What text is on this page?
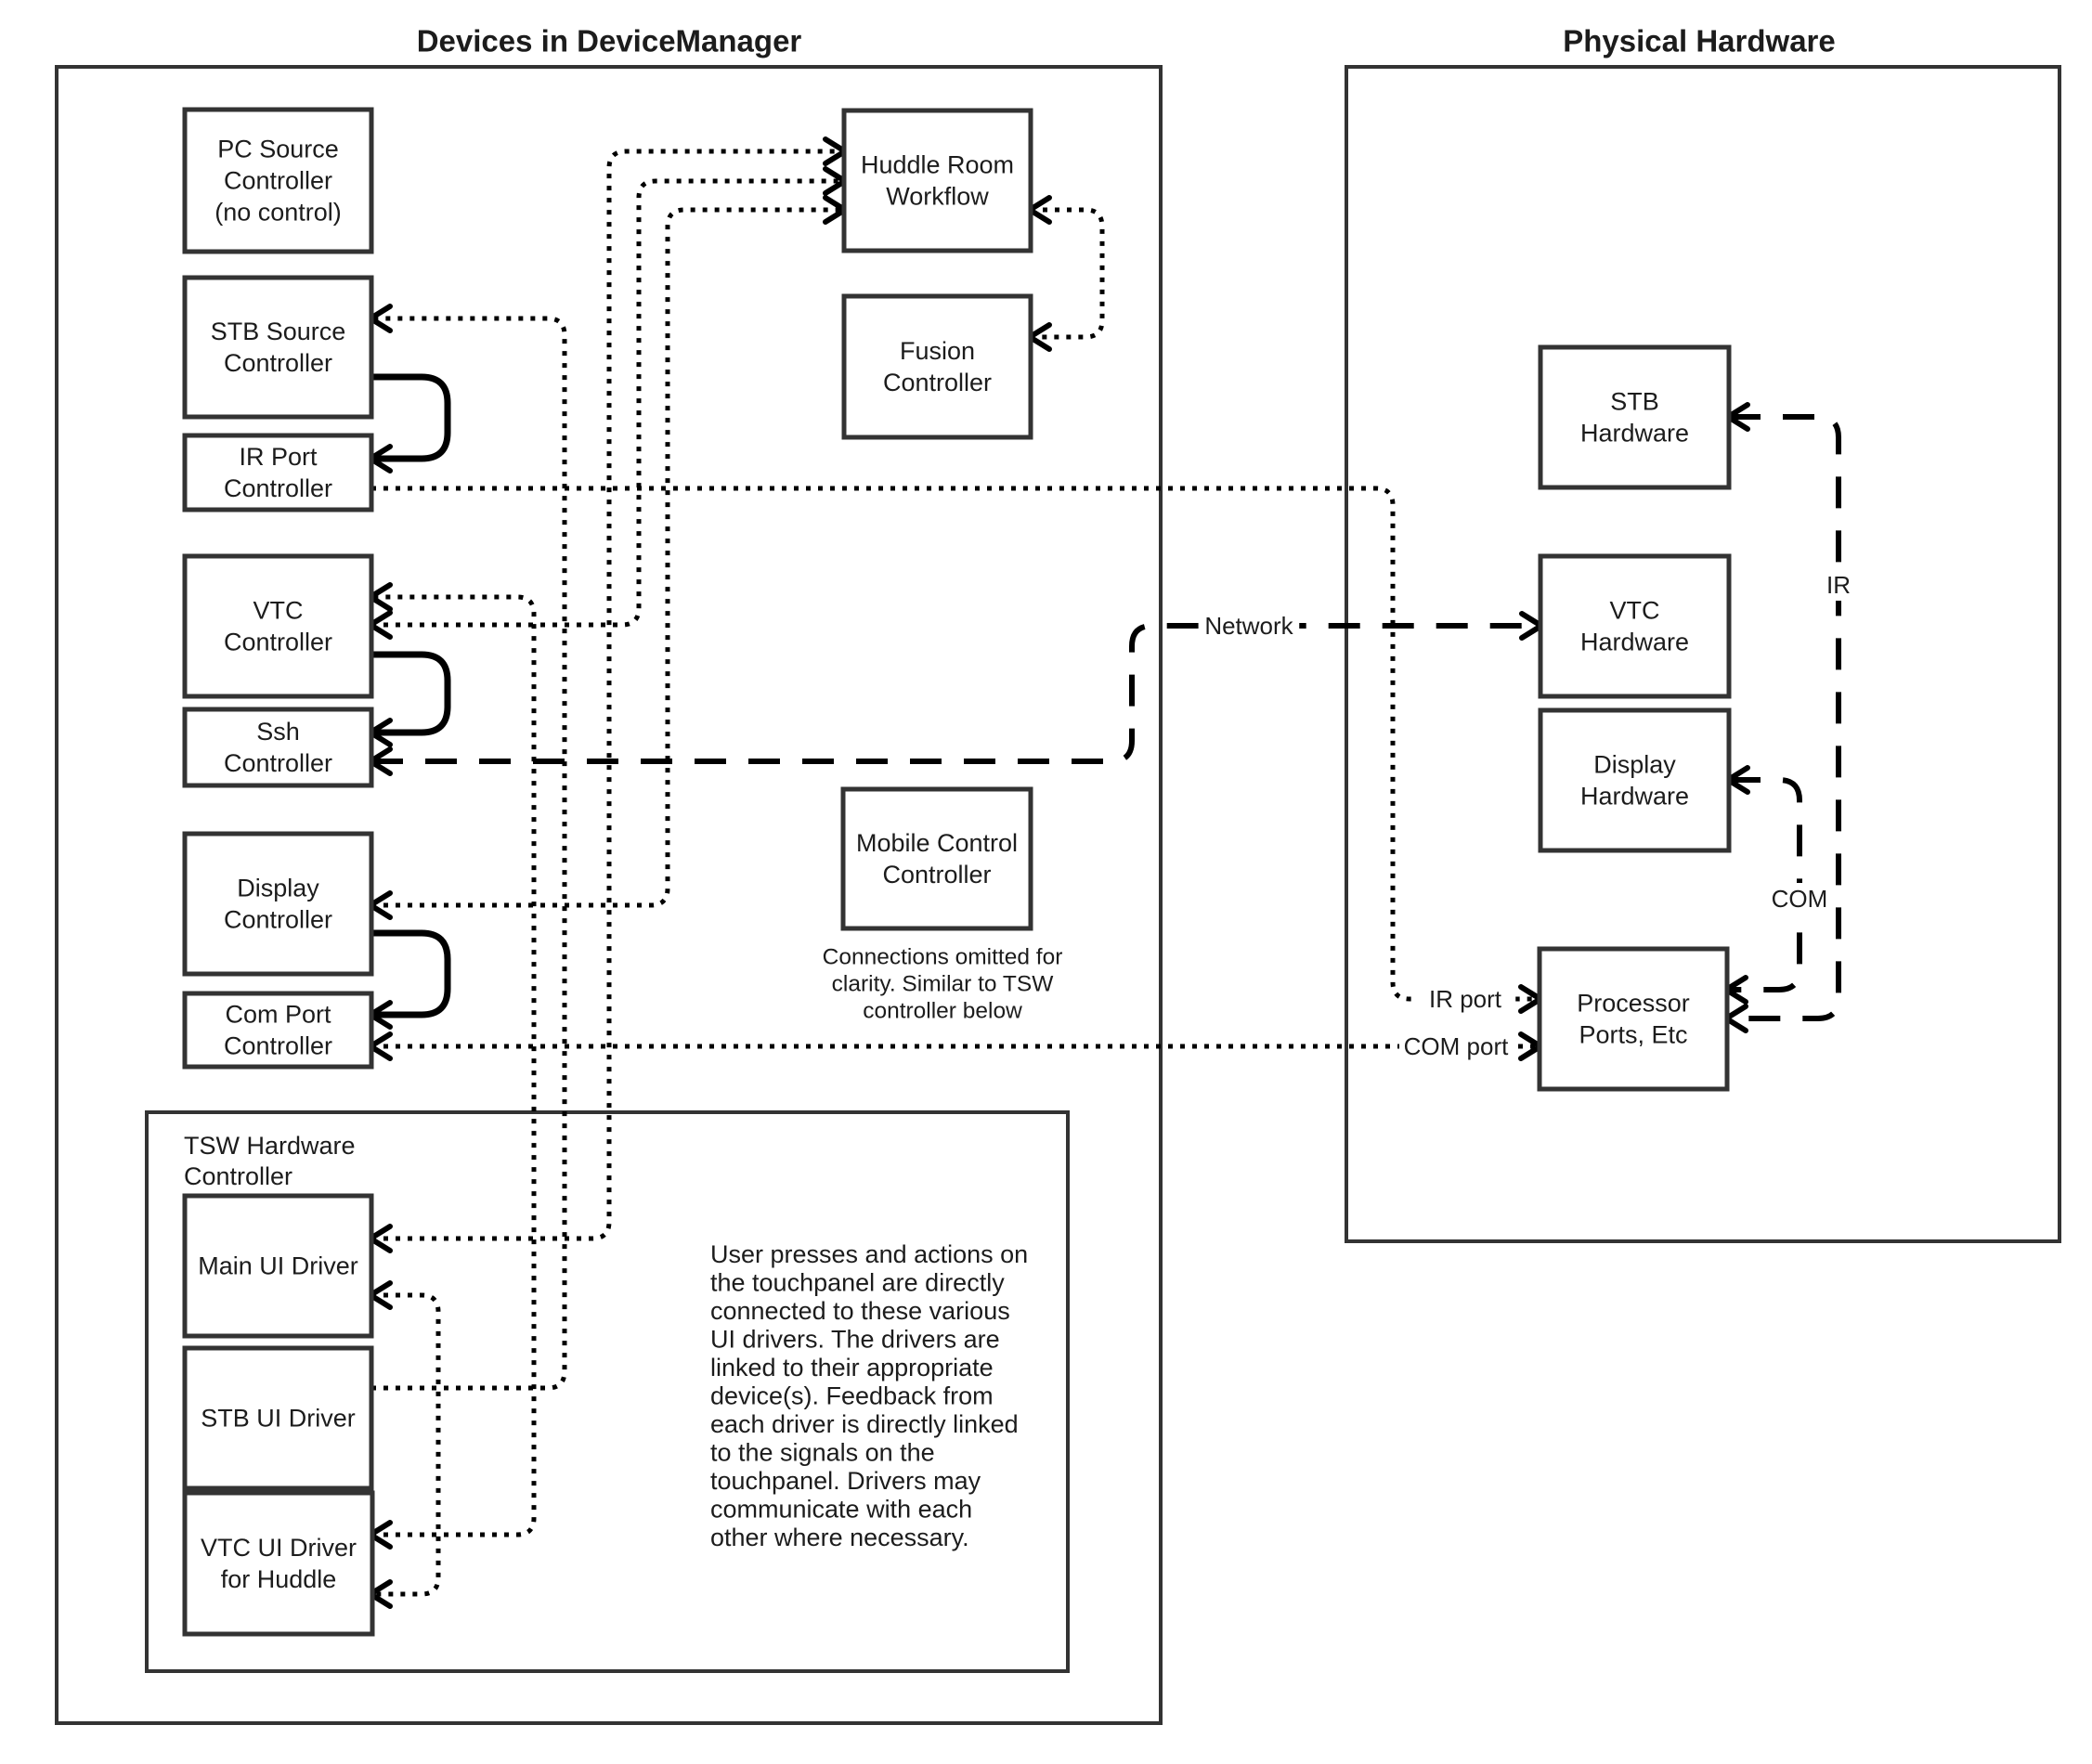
IR port
COM port
Network
IR
COM
PC Source
Controller
(no control)
STB Source
Controller
IR Port
Controller
VTC
Controller
Ssh
Controller
Display
Controller
Com Port
Controller
Huddle Room
Workflow
Fusion
Controller
Mobile Control
Controller
Main UI Driver
STB UI Driver
VTC UI Driver
for Huddle
STB
Hardware
VTC
Hardware
Display
Hardware
Processor
Ports, Etc
TSW Hardware
Controller
Connections omitted for
clarity. Similar to TSW
controller below
User presses and actions on
the touchpanel are directly
connected to these various
UI drivers. The drivers are
linked to their appropriate
device(s). Feedback from
each driver is directly linked
to the signals on the
touchpanel. Drivers may
communicate with each
other where necessary.
Devices in DeviceManager	Physical Hardware
